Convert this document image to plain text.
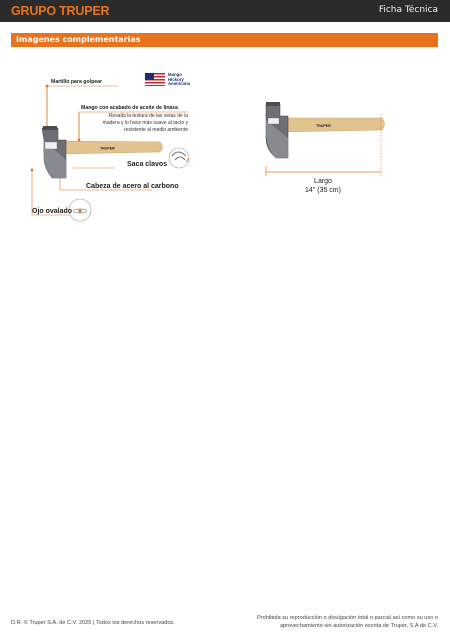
GRUPO TRUPER	Ficha Técnica
Imagenes complementarias
TRUPER
TRUPER
Martillo para golpear
Mango
Hickory
Americano
Mango con acabado de aceite de linaza
Resalta la textura de las vetas de la madera y lo hace más suave al tacto y resistente al medio ambiente
Saca clavos
Cabeza de acero al carbono
Ojo ovalado
Largo
14" (35 cm)
D.R. © Truper S.A. de C.V. 2025 | Todos los derechos reservados.
Prohibida su reproducción o divulgación total o parcial así como su uso o aprovechamiento sin autorización escrita de Truper, S.A de C.V.
